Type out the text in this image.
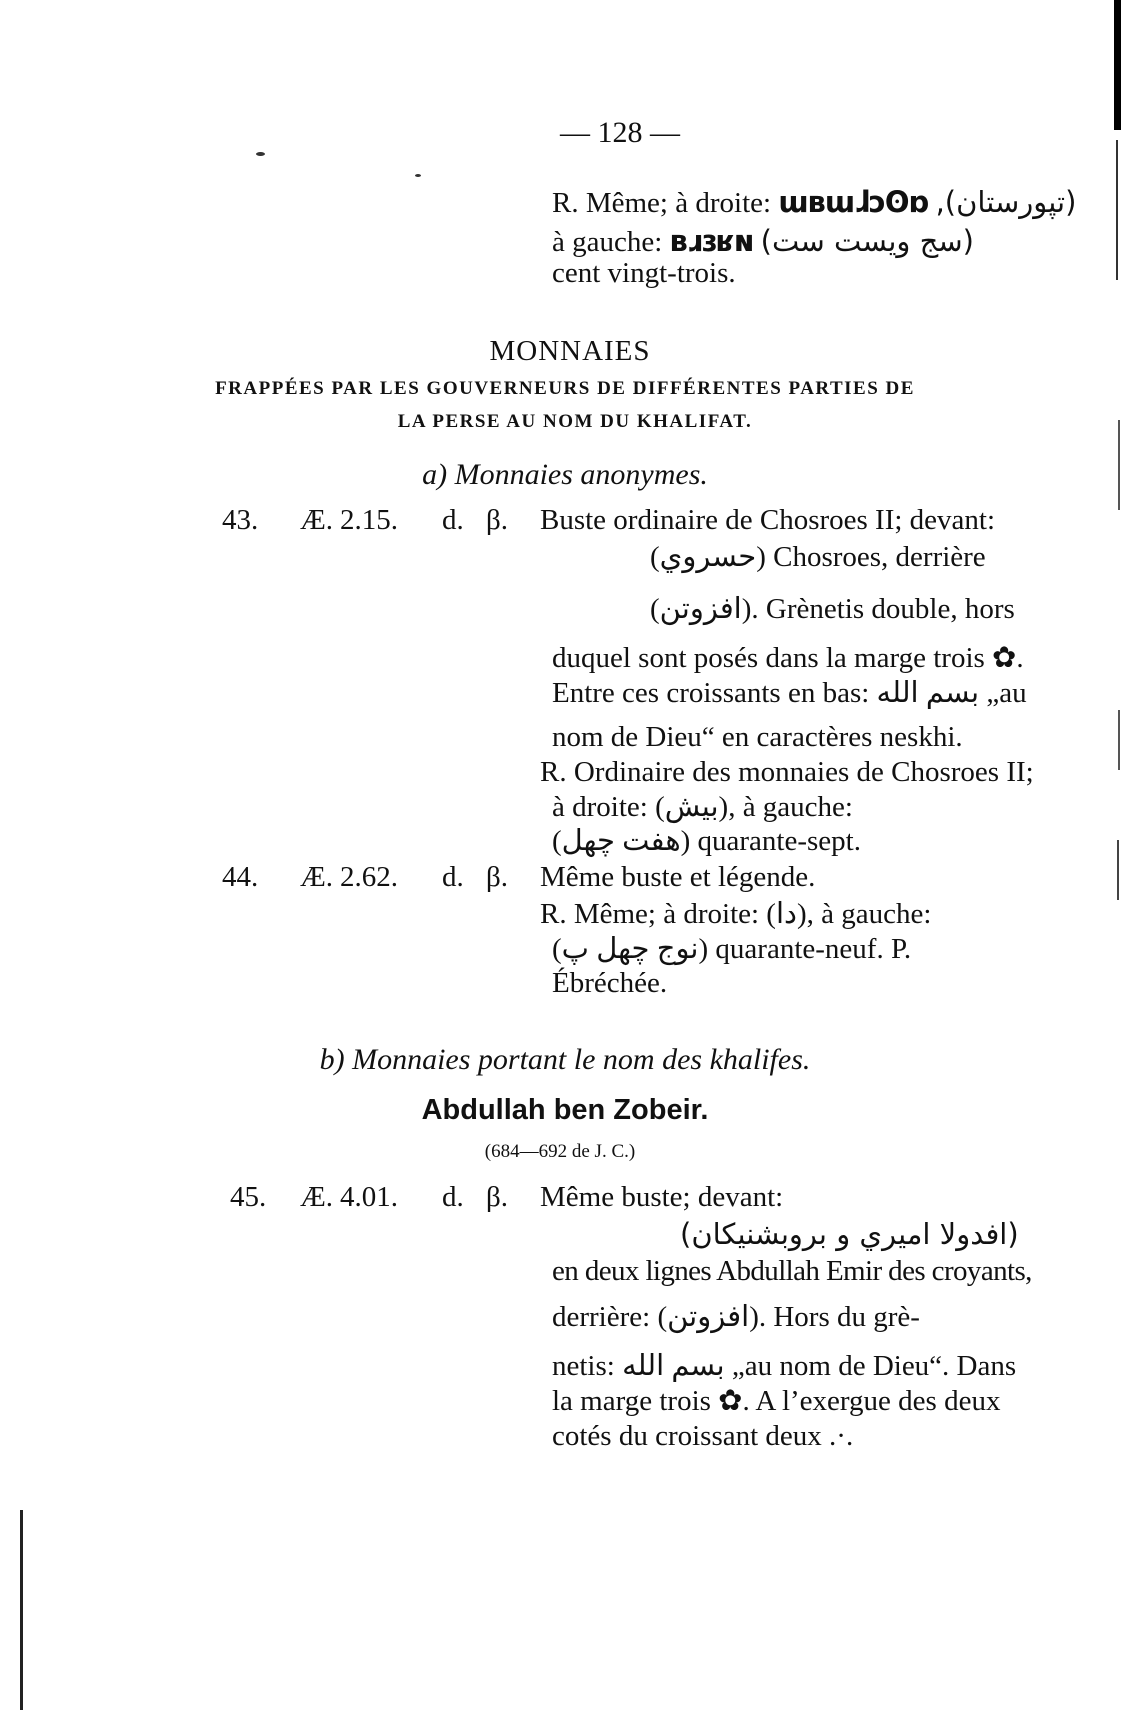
— 128 —
R. Même; à droite: ɯʙɯɺɔʘɒ (تپورستان),
à gauche: ʙɹɜʁɴ (سج ويست ست)
cent vingt-trois.
MONNAIES
FRAPPÉES PAR LES GOUVERNEURS DE DIFFÉRENTES PARTIES DE
LA PERSE AU NOM DU KHALIFAT.
a) Monnaies anonymes.
43. Æ. 2.15. d. β. Buste ordinaire de Chosroes II; devant:
(حسروي) Chosroes, derrière
(افزوتن). Grènetis double, hors
duquel sont posés dans la marge trois ✿.
Entre ces croissants en bas: بسم الله „au
nom de Dieu“ en caractères neskhi.
R. Ordinaire des monnaies de Chosroes II;
à droite: (بيش), à gauche:
(هفت چهل) quarante-sept.
44. Æ. 2.62. d. β. Même buste et légende.
R. Même; à droite: (دا), à gauche:
(نوج چهل پ) quarante-neuf. P.
Ébréchée.
b) Monnaies portant le nom des khalifes.
Abdullah ben Zobeir.
(684—692 de J. C.)
45. Æ. 4.01. d. β. Même buste; devant:
(افدولا اميري و بروبشنيكان)
en deux lignes Abdullah Emir des croyants,
derrière: (افزوتن). Hors du grè-
netis: بسم الله „au nom de Dieu“. Dans
la marge trois ✿. A l’exergue des deux
cotés du croissant deux .·.
